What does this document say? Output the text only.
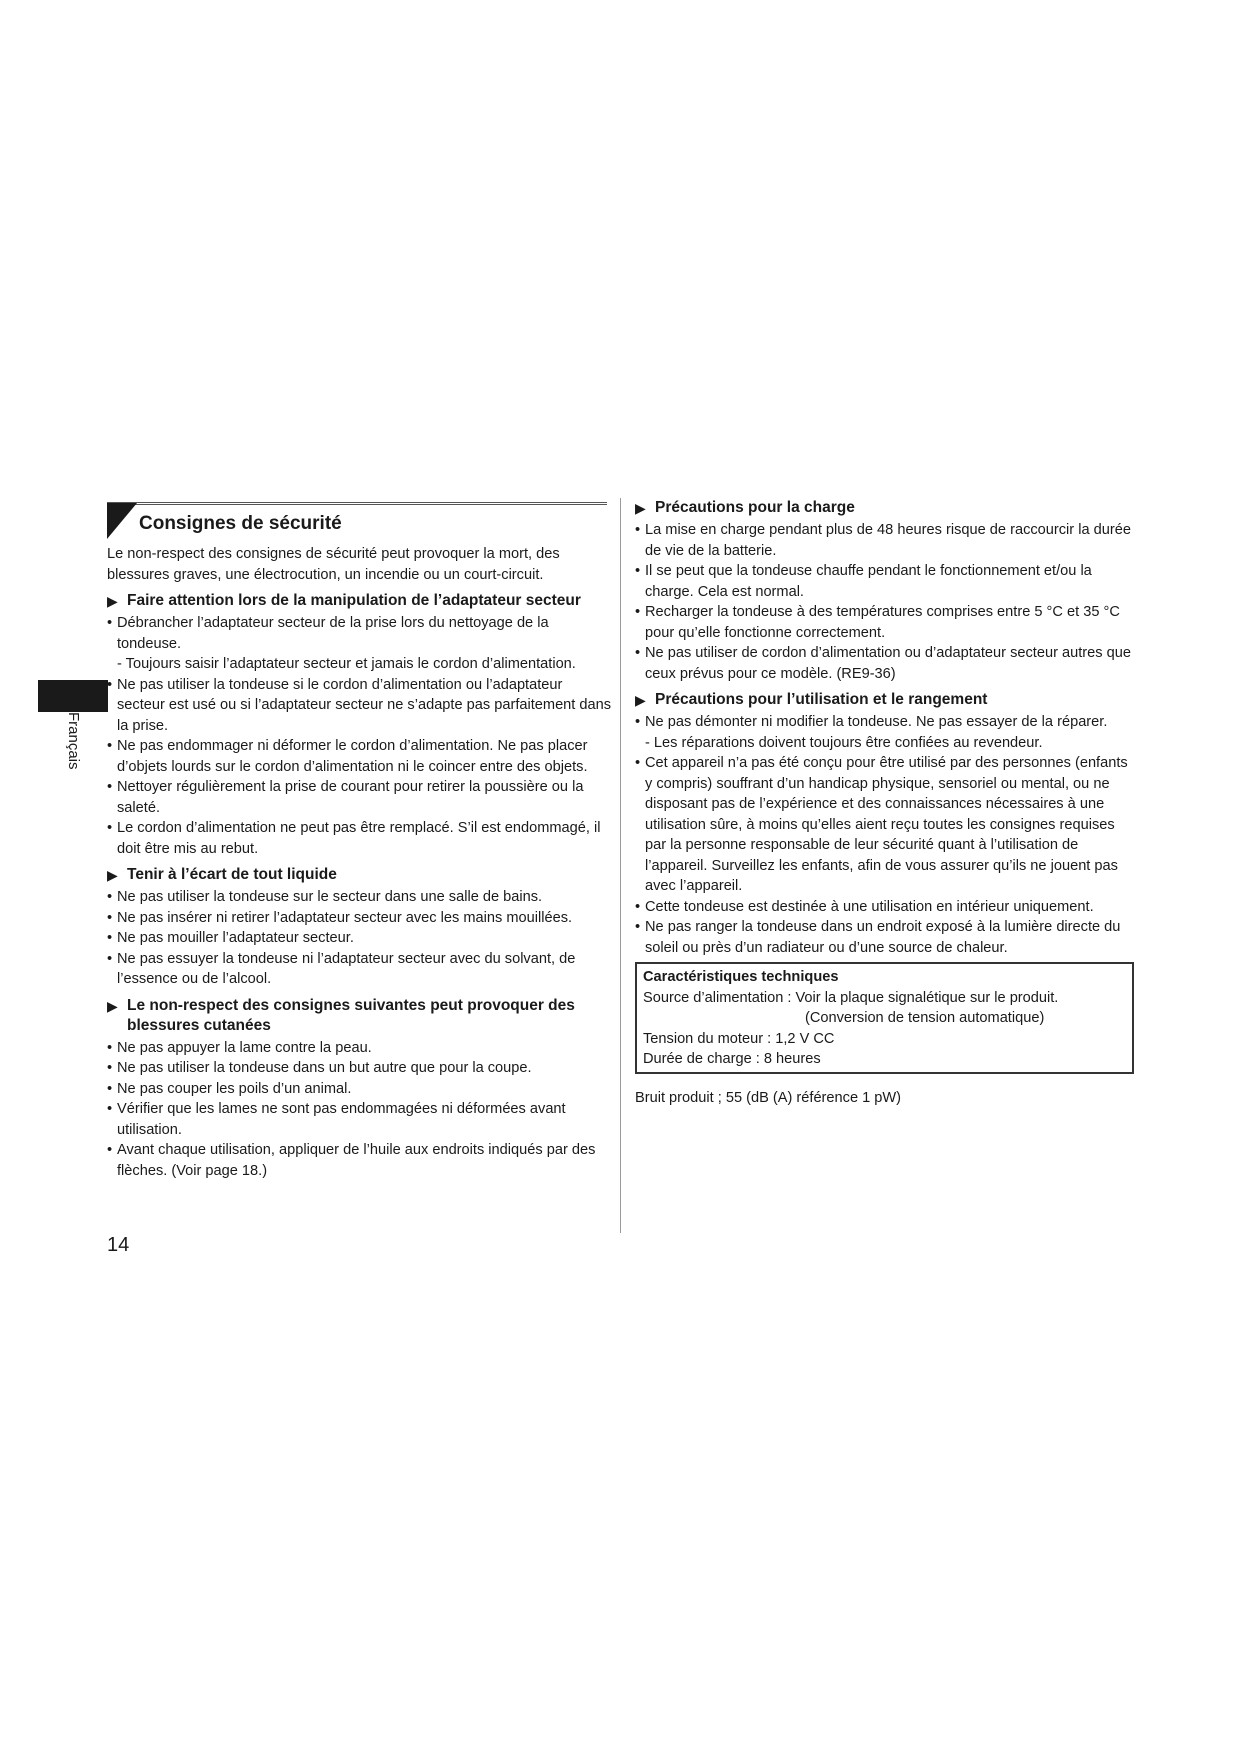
Français
Consignes de sécurité

Le non-respect des consignes de sécurité peut provoquer la mort, des blessures graves, une électrocution, un incendie ou un court-circuit.

▶ Faire attention lors de la manipulation de l’adaptateur secteur
• Débrancher l’adaptateur secteur de la prise lors du nettoyage de la tondeuse.
- Toujours saisir l’adaptateur secteur et jamais le cordon d’alimentation.
• Ne pas utiliser la tondeuse si le cordon d’alimentation ou l’adaptateur secteur est usé ou si l’adaptateur secteur ne s’adapte pas parfaitement dans la prise.
• Ne pas endommager ni déformer le cordon d’alimentation. Ne pas placer d’objets lourds sur le cordon d’alimentation ni le coincer entre des objets.
• Nettoyer régulièrement la prise de courant pour retirer la poussière ou la saleté.
• Le cordon d’alimentation ne peut pas être remplacé. S’il est endommagé, il doit être mis au rebut.
▶ Tenir à l’écart de tout liquide
• Ne pas utiliser la tondeuse sur le secteur dans une salle de bains.
• Ne pas insérer ni retirer l’adaptateur secteur avec les mains mouillées.
• Ne pas mouiller l’adaptateur secteur.
• Ne pas essuyer la tondeuse ni l’adaptateur secteur avec du solvant, de l’essence ou de l’alcool.
▶ Le non-respect des consignes suivantes peut provoquer des blessures cutanées
• Ne pas appuyer la lame contre la peau.
• Ne pas utiliser la tondeuse dans un but autre que pour la coupe.
• Ne pas couper les poils d’un animal.
• Vérifier que les lames ne sont pas endommagées ni déformées avant utilisation.
• Avant chaque utilisation, appliquer de l’huile aux endroits indiqués par des flèches. (Voir page 18.)
▶ Précautions pour la charge
• La mise en charge pendant plus de 48 heures risque de raccourcir la durée de vie de la batterie.
• Il se peut que la tondeuse chauffe pendant le fonctionnement et/ou la charge. Cela est normal.
• Recharger la tondeuse à des températures comprises entre 5 °C et 35 °C pour qu’elle fonctionne correctement.
• Ne pas utiliser de cordon d’alimentation ou d’adaptateur secteur autres que ceux prévus pour ce modèle. (RE9-36)
▶ Précautions pour l’utilisation et le rangement
• Ne pas démonter ni modifier la tondeuse. Ne pas essayer de la réparer.
- Les réparations doivent toujours être confiées au revendeur.
• Cet appareil n’a pas été conçu pour être utilisé par des personnes (enfants y compris) souffrant d’un handicap physique, sensoriel ou mental, ou ne disposant pas de l’expérience et des connaissances nécessaires à une utilisation sûre, à moins qu’elles aient reçu toutes les consignes requises par la personne responsable de leur sécurité quant à l’utilisation de l’appareil. Surveillez les enfants, afin de vous assurer qu’ils ne jouent pas avec l’appareil.
• Cette tondeuse est destinée à une utilisation en intérieur uniquement.
• Ne pas ranger la tondeuse dans un endroit exposé à la lumière directe du soleil ou près d’un radiateur ou d’une source de chaleur.
Caractéristiques techniques
Source d’alimentation : Voir la plaque signalétique sur le produit.
(Conversion de tension automatique)
Tension du moteur : 1,2 V CC
Durée de charge : 8 heures
Bruit produit ; 55 (dB (A) référence 1 pW)
14
